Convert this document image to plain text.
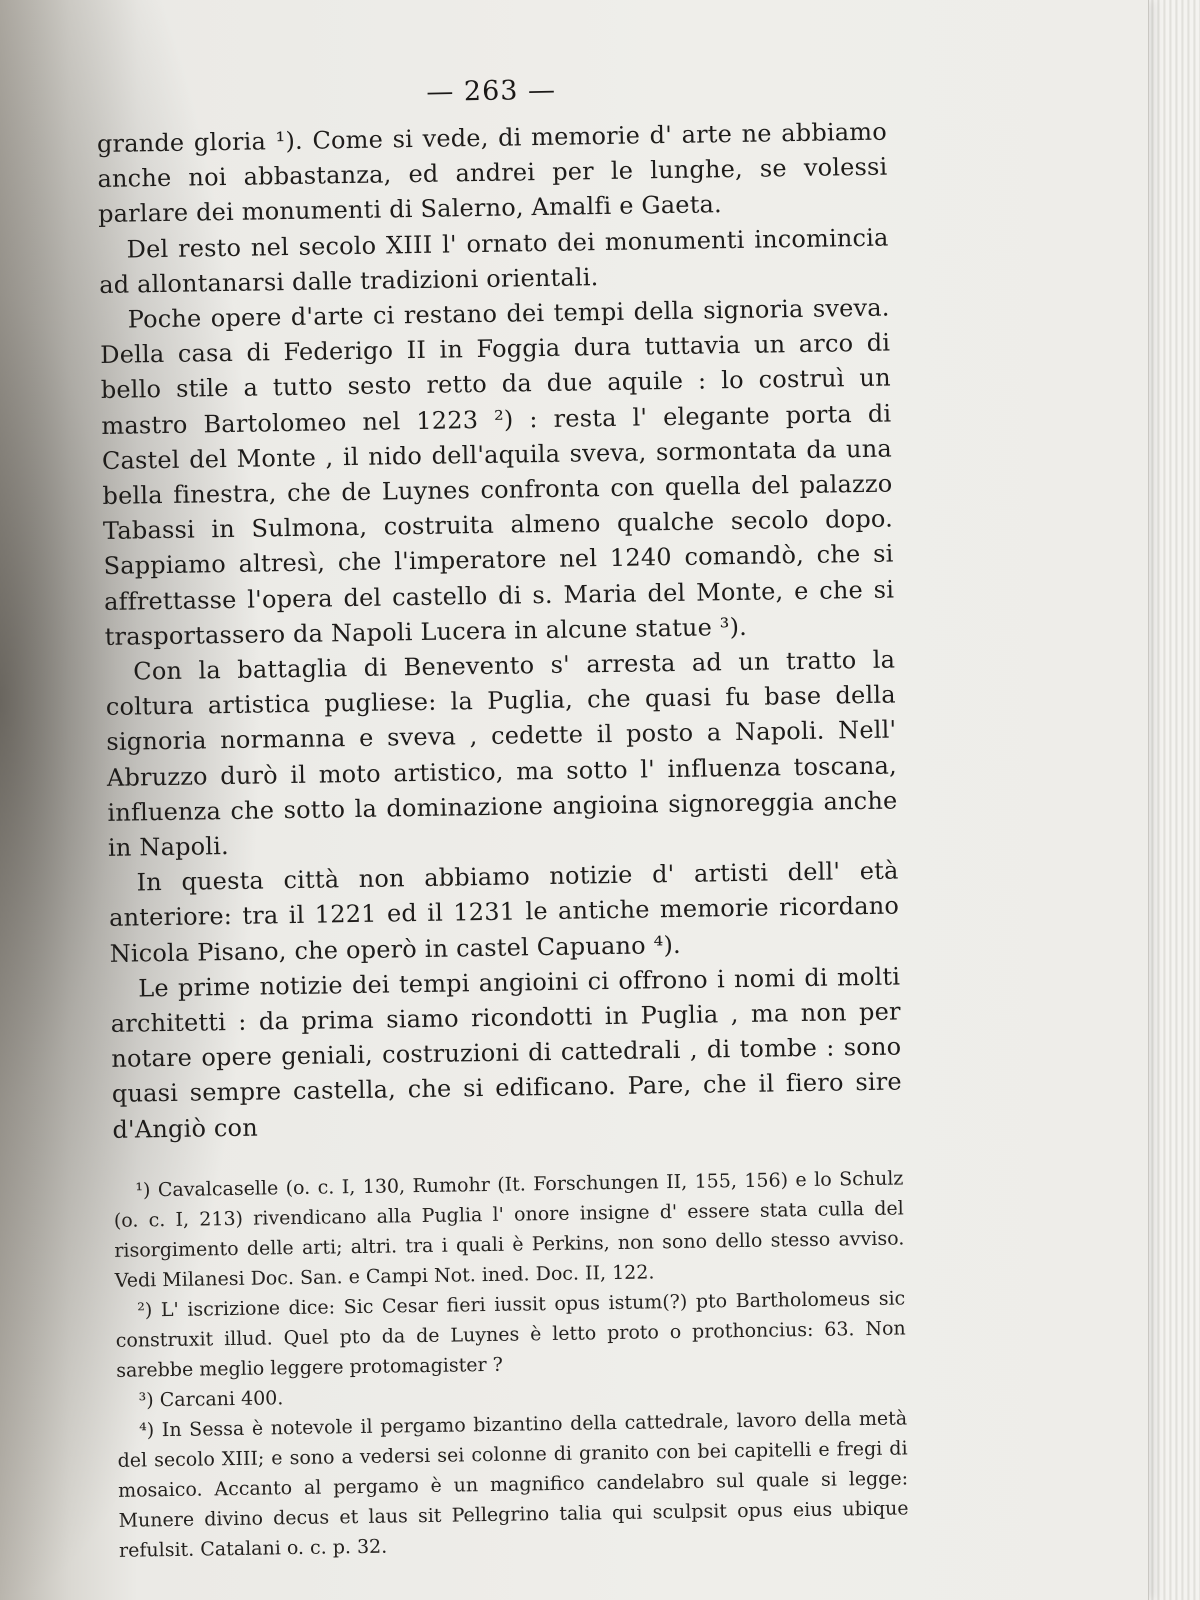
— 263 —

grande gloria ¹). Come si vede, di memorie d' arte ne abbiamo anche noi abbastanza, ed andrei per le lunghe, se volessi parlare dei monumenti di Salerno, Amalfi e Gaeta.

Del resto nel secolo XIII l' ornato dei monumenti incomincia ad allontanarsi dalle tradizioni orientali.

Poche opere d'arte ci restano dei tempi della signoria sveva. Della casa di Federigo II in Foggia dura tuttavia un arco di bello stile a tutto sesto retto da due aquile : lo costruì un mastro Bartolomeo nel 1223 ²) : resta l' elegante porta di Castel del Monte , il nido dell'aquila sveva, sormontata da una bella finestra, che de Luynes confronta con quella del palazzo Tabassi in Sulmona, costruita almeno qualche secolo dopo. Sappiamo altresì, che l'imperatore nel 1240 comandò, che si affrettasse l'opera del castello di s. Maria del Monte, e che si trasportassero da Napoli Lucera in alcune statue ³).

Con la battaglia di Benevento s' arresta ad un tratto la coltura artistica pugliese: la Puglia, che quasi fu base della signoria normanna e sveva , cedette il posto a Napoli. Nell' Abruzzo durò il moto artistico, ma sotto l' influenza toscana, influenza che sotto la dominazione angioina signoreggia anche in Napoli.

In questa città non abbiamo notizie d' artisti dell' età anteriore: tra il 1221 ed il 1231 le antiche memorie ricordano Nicola Pisano, che operò in castel Capuano ⁴).

Le prime notizie dei tempi angioini ci offrono i nomi di molti architetti : da prima siamo ricondotti in Puglia , ma non per notare opere geniali, costruzioni di cattedrali , di tombe : sono quasi sempre castella, che si edificano. Pare, che il fiero sire d'Angiò con

¹) Cavalcaselle (o. c. I, 130, Rumohr (It. Forschungen II, 155, 156) e lo Schulz (o. c. I, 213) rivendicano alla Puglia l' onore insigne d' essere stata culla del risorgimento delle arti; altri. tra i quali è Perkins, non sono dello stesso avviso. Vedi Milanesi Doc. San. e Campi Not. ined. Doc. II, 122.

²) L' iscrizione dice: Sic Cesar fieri iussit opus istum(?) pto Bartholomeus sic construxit illud. Quel pto da de Luynes è letto proto o prothoncius: 63. Non sarebbe meglio leggere protomagister ?

³) Carcani 400.

⁴) In Sessa è notevole il pergamo bizantino della cattedrale, lavoro della metà del secolo XIII; e sono a vedersi sei colonne di granito con bei capitelli e fregi di mosaico. Accanto al pergamo è un magnifico candelabro sul quale si legge: Munere divino decus et laus sit Pellegrino talia qui sculpsit opus eius ubique refulsit. Catalani o. c. p. 32.
